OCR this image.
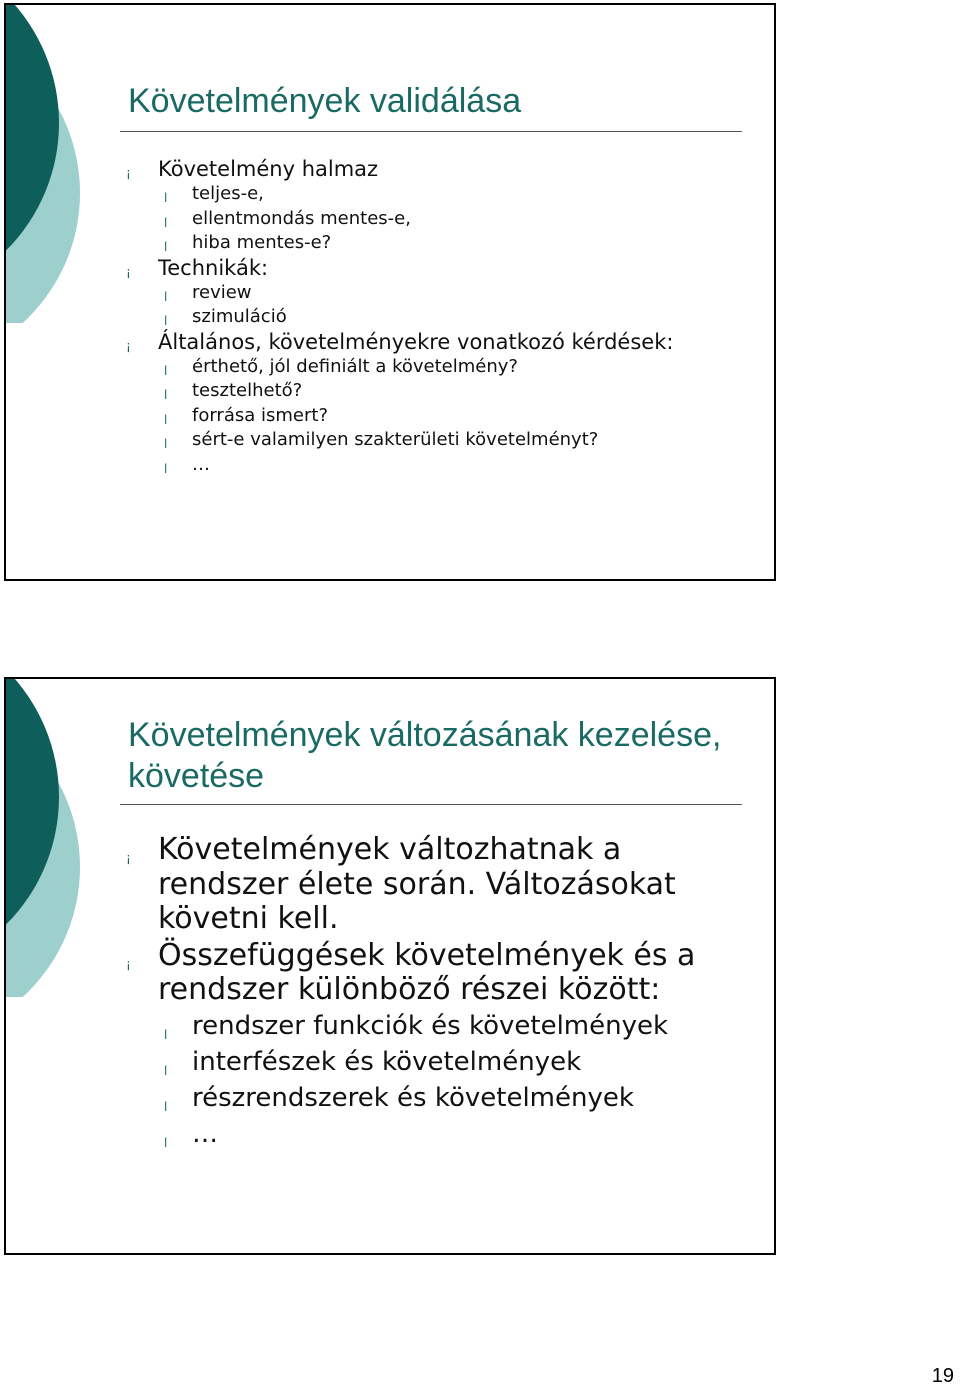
Követelmények validálása
¡	Követelmény halmaz
l	teljes-e,
l	ellentmondás mentes-e,
l	hiba mentes-e?
¡	Technikák:
l	review
l	szimuláció
¡	Általános, követelményekre vonatkozó kérdések:
l	érthető, jól definiált a követelmény?
l	tesztelhető?
l	forrása ismert?
l	sért-e valamilyen szakterületi követelményt?
l	…
Követelmények változásának kezelése,
követése
¡ Követelmények változhatnak a rendszer élete során. Változásokat követni kell.
¡ Összefüggések követelmények és a rendszer különböző részei között:
l rendszer funkciók és követelmények
l interfészek és követelmények
l részrendszerek és követelmények
l …
19
